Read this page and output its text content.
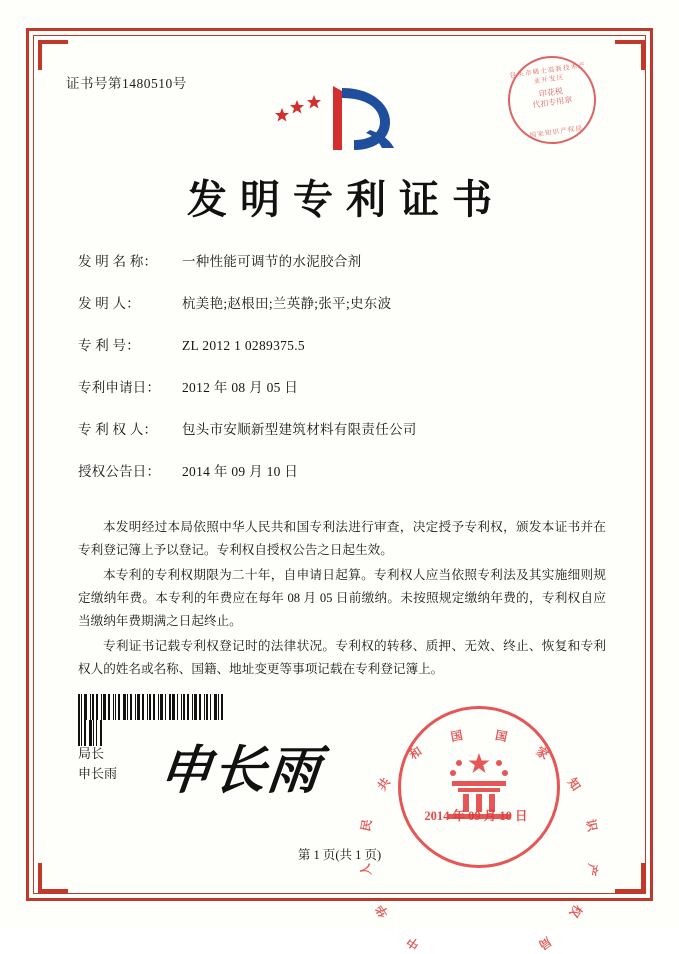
证书号第1480510号
包头市稀土高新技术产业开发区
印花税
代扣专用章
国家知识产权局
发明专利证书
发 明 名 称：	一种性能可调节的水泥胶合剂
发 明 人：	杭美艳;赵根田;兰英静;张平;史东波
专 利 号：	ZL 2012 1 0289375.5
专利申请日：	2012 年 08 月 05 日
专 利 权 人：	包头市安顺新型建筑材料有限责任公司
授权公告日：	2014 年 09 月 10 日

本发明经过本局依照中华人民共和国专利法进行审查，决定授予专利权，颁发本证书并在专利登记簿上予以登记。专利权自授权公告之日起生效。

本专利的专利权期限为二十年，自申请日起算。专利权人应当依照专利法及其实施细则规定缴纳年费。本专利的年费应在每年 08 月 05 日前缴纳。未按照规定缴纳年费的，专利权自应当缴纳年费期满之日起终止。

专利证书记载专利权登记时的法律状况。专利权的转移、质押、无效、终止、恢复和专利权人的姓名或名称、国籍、地址变更等事项记载在专利登记簿上。

局长
申长雨 申长雨
中
华
人
民
共
和
国 国
家
知
识
产
权
局
2014 年 09 月 10 日
第 1 页(共 1 页)
